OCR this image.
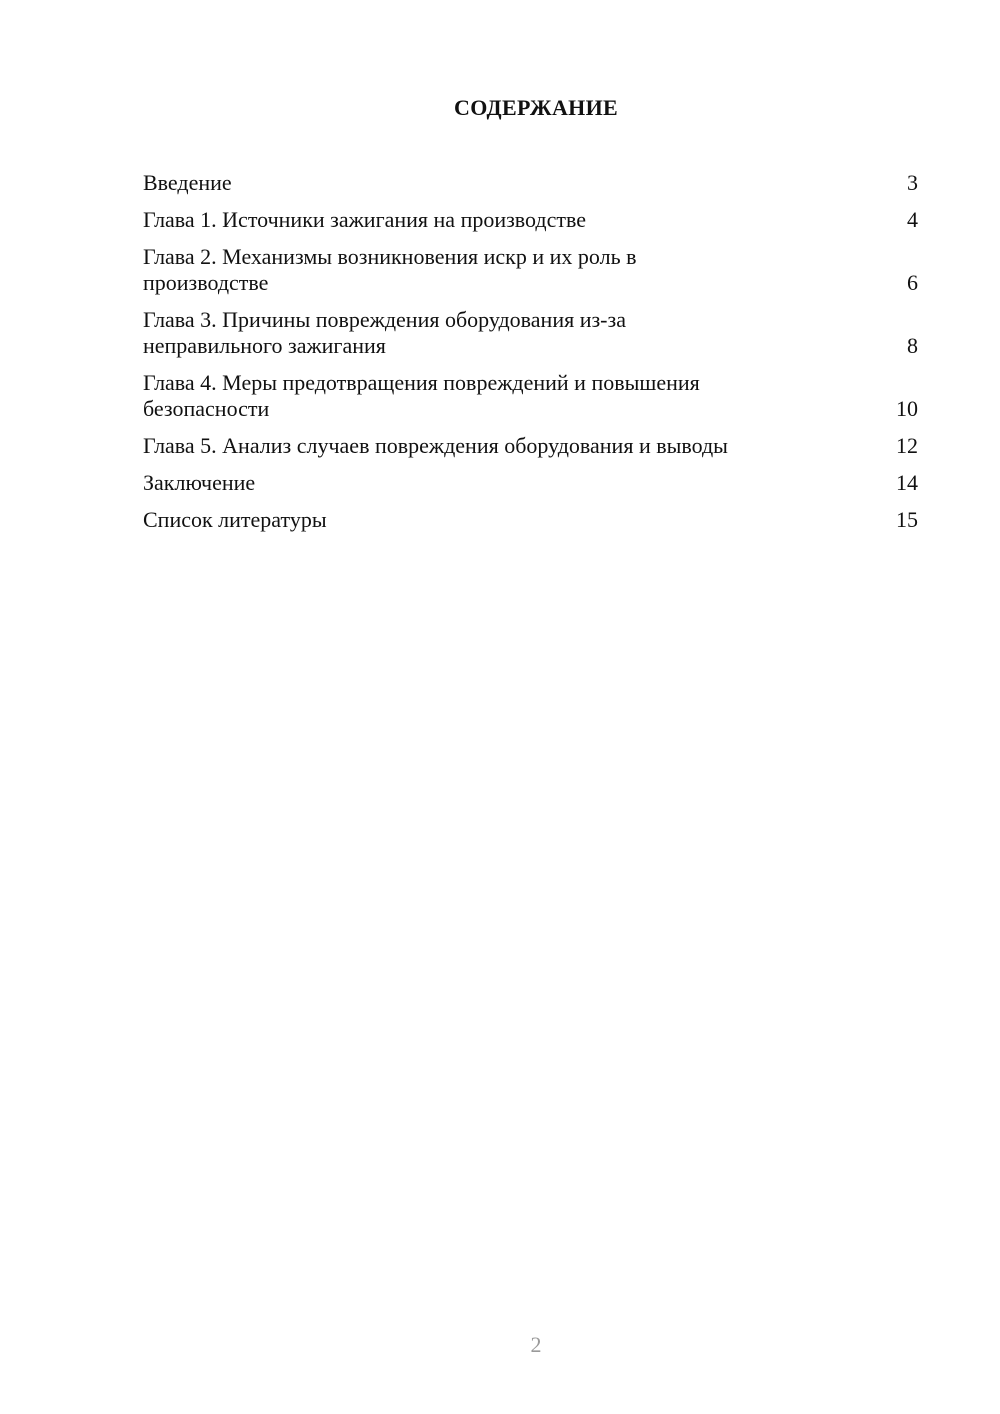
СОДЕРЖАНИЕ
Введение	3
Глава 1. Источники зажигания на производстве	4
Глава 2. Механизмы возникновения искр и их роль в производстве	6
Глава 3. Причины повреждения оборудования из-за неправильного зажигания	8
Глава 4. Меры предотвращения повреждений и повышения безопасности	10
Глава 5. Анализ случаев повреждения оборудования и выводы	12
Заключение	14
Список литературы	15
2
